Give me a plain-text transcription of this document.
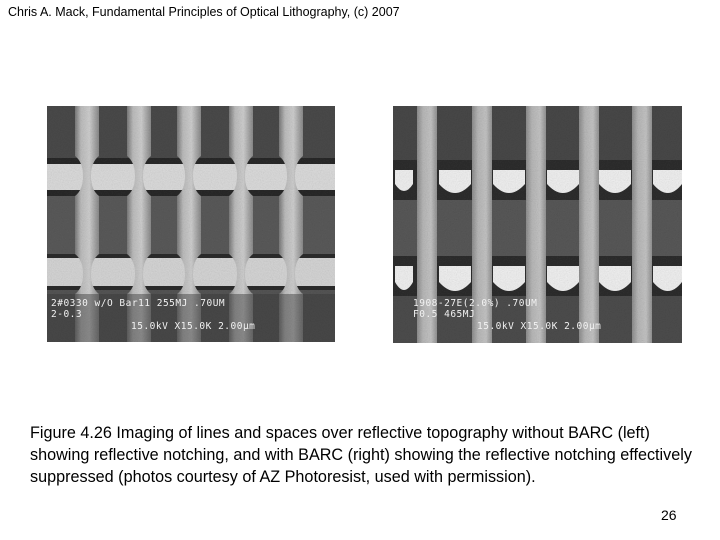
Chris A. Mack, Fundamental Principles of Optical Lithography, (c) 2007
2#0330 w/O Bar11 255MJ .70UM
2-0.3
15.0kV X15.0K 2.00µm
1908-27E(2.0%) .70UM
F0.5 465MJ
15.0kV X15.0K 2.00µm
Figure 4.26 Imaging of lines and spaces over reflective topography without BARC (left) showing reflective notching, and with BARC (right) showing the reflective notching effectively suppressed (photos courtesy of AZ Photoresist, used with permission).
26
